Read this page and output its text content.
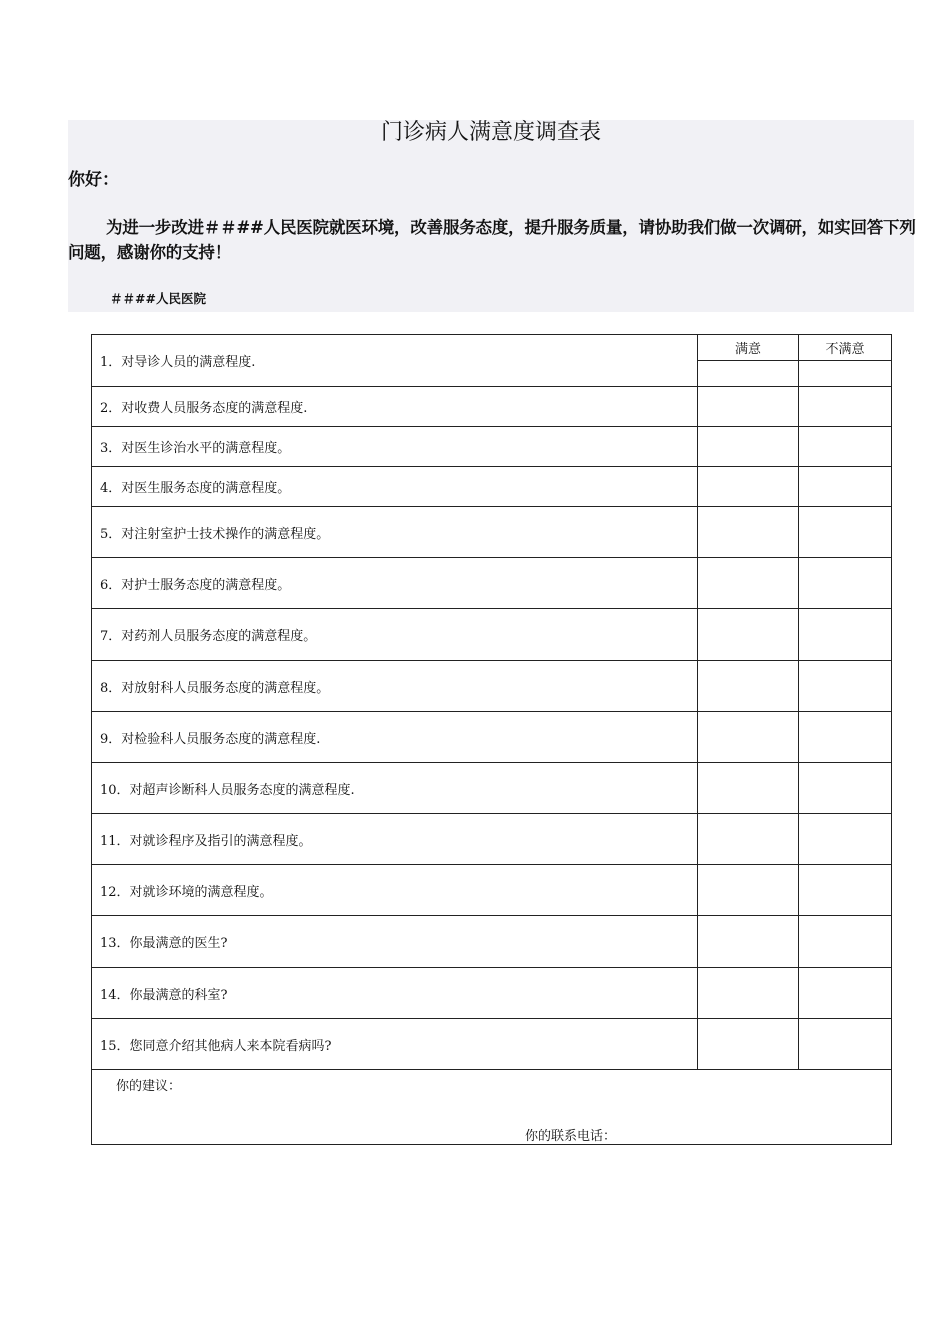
门诊病人满意度调查表
你好：
为进一步改进＃＃##人民医院就医环境，改善服务态度，提升服务质量，请协助我们做一次调研，如实回答下列问题，感谢你的支持！
＃＃##人民医院
1．对导诊人员的满意程度.	满意	不满意

2．对收费人员服务态度的满意程度.		
3．对医生诊治水平的满意程度。		
4．对医生服务态度的满意程度。		
5．对注射室护士技术操作的满意程度。		
6．对护士服务态度的满意程度。		
7．对药剂人员服务态度的满意程度。		
8．对放射科人员服务态度的满意程度。		
9．对检验科人员服务态度的满意程度.		
10．对超声诊断科人员服务态度的满意程度.		
11．对就诊程序及指引的满意程度。		
12．对就诊环境的满意程度。		
13．你最满意的医生?		
14．你最满意的科室?		
15．您同意介绍其他病人来本院看病吗?		

你的建议：
你的联系电话：		
